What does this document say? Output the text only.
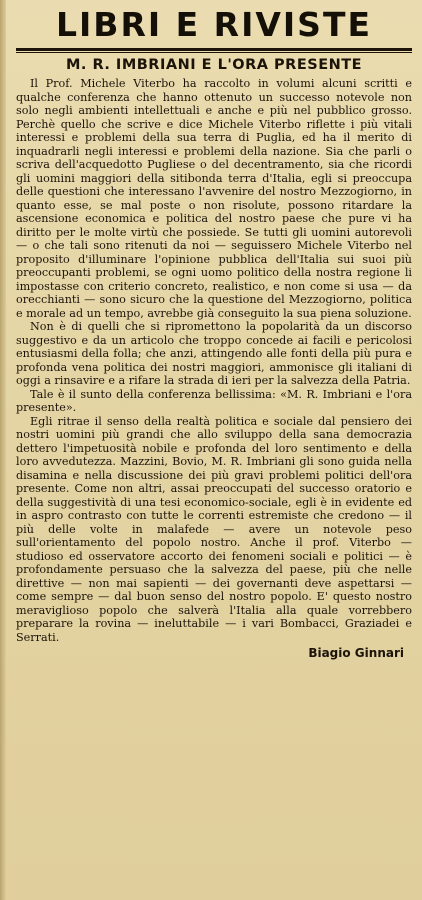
LIBRI E RIVISTE
M. R. IMBRIANI E L'ORA PRESENTE

Il Prof. Michele Viterbo ha raccolto in volumi alcuni scritti e qualche conferenza che hanno ottenuto un successo notevole non solo negli ambienti intellettuali e anche e più nel pubblico grosso. Perchè quello che scrive e dice Michele Viterbo riflette i più vitali interessi e problemi della sua terra di Puglia, ed ha il merito di inquadrarli negli interessi e problemi della nazione. Sia che parli o scriva dell'acquedotto Pugliese o del decentramento, sia che ricordi gli uomini maggiori della sitibonda terra d'Italia, egli si preoccupa delle questioni che interessano l'avvenire del nostro Mezzogiorno, in quanto esse, se mal poste o non risolute, possono ritardare la ascensione economica e politica del nostro paese che pure vi ha diritto per le molte virtù che possiede. Se tutti gli uomini autorevoli — o che tali sono ritenuti da noi — seguissero Michele Viterbo nel proposito d'illuminare l'opinione pubblica dell'Italia sui suoi più preoccupanti problemi, se ogni uomo politico della nostra regione li impostasse con criterio concreto, realistico, e non come si usa — da orecchianti — sono sicuro che la questione del Mezzogiorno, politica e morale ad un tempo, avrebbe già conseguito la sua piena soluzione.

Non è di quelli che si ripromettono la popolarità da un discorso suggestivo e da un articolo che troppo concede ai facili e pericolosi entusiasmi della folla; che anzi, attingendo alle fonti della più pura e profonda vena politica dei nostri maggiori, ammonisce gli italiani di oggi a rinsavire e a rifare la strada di ieri per la salvezza della Patria.

Tale è il sunto della conferenza bellissima: «M. R. Imbriani e l'ora presente».

Egli ritrae il senso della realtà politica e sociale dal pensiero dei nostri uomini più grandi che allo sviluppo della sana democrazia dettero l'impetuosità nobile e profonda del loro sentimento e della loro avvedutezza. Mazzini, Bovio, M. R. Imbriani gli sono guida nella disamina e nella discussione dei più gravi problemi politici dell'ora presente. Come non altri, assai preoccupati del successo oratorio e della suggestività di una tesi economico-sociale, egli è in evidente ed in aspro contrasto con tutte le correnti estremiste che credono — il più delle volte in malafede — avere un notevole peso sull'orientamento del popolo nostro. Anche il prof. Viterbo — studioso ed osservatore accorto dei fenomeni sociali e politici — è profondamente persuaso che la salvezza del paese, più che nelle direttive — non mai sapienti — dei governanti deve aspettarsi — come sempre — dal buon senso del nostro popolo. E' questo nostro meraviglioso popolo che salverà l'Italia alla quale vorrebbero preparare la rovina — ineluttabile — i vari Bombacci, Graziadei e Serrati.

Biagio Ginnari
